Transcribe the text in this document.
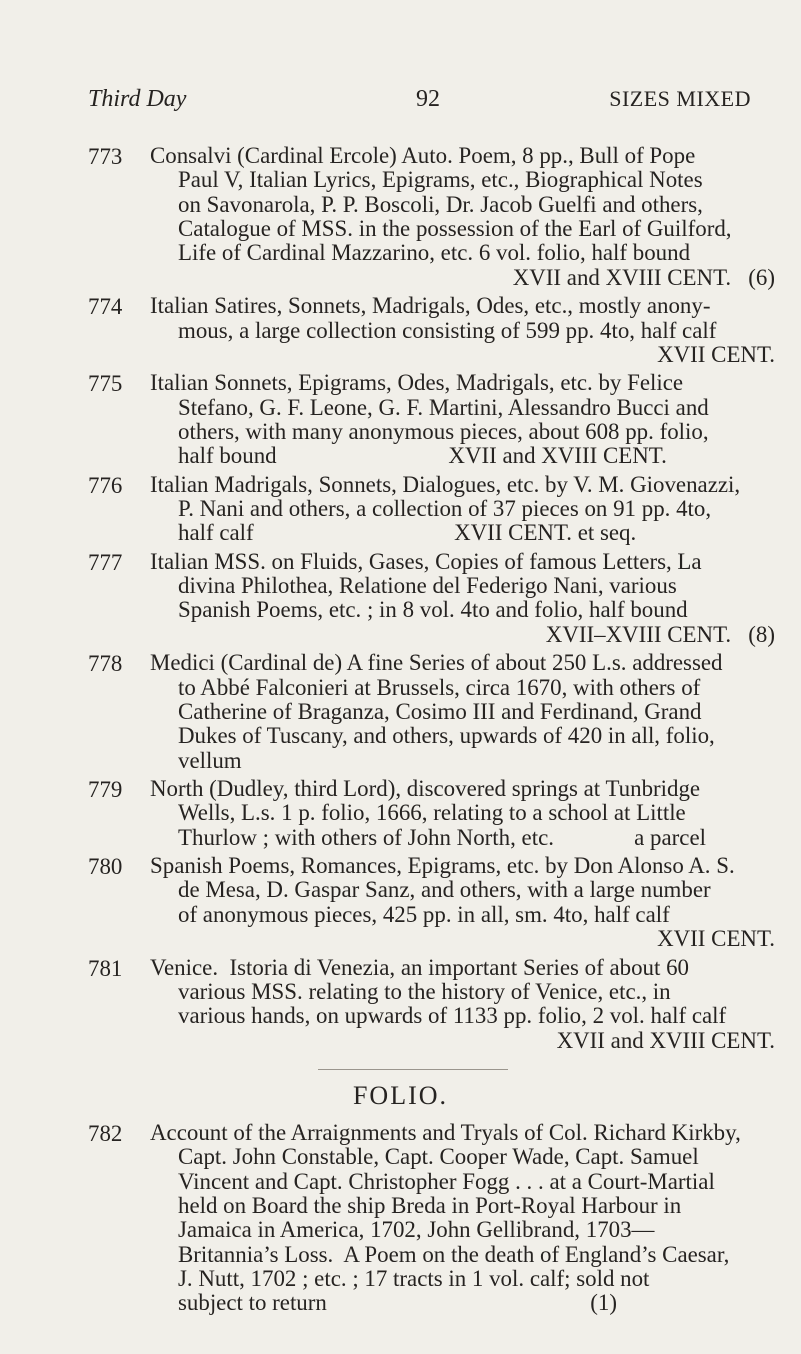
Third Day	92	SIZES MIXED
773 Consalvi (Cardinal Ercole) Auto. Poem, 8 pp., Bull of Pope
Paul V, Italian Lyrics, Epigrams, etc., Biographical Notes
on Savonarola, P. P. Boscoli, Dr. Jacob Guelfi and others,
Catalogue of MSS. in the possession of the Earl of Guilford,
Life of Cardinal Mazzarino, etc. 6 vol. folio, half bound
XVII and XVIII CENT.   (6)
774 Italian Satires, Sonnets, Madrigals, Odes, etc., mostly anony-
mous, a large collection consisting of 599 pp. 4to, half calf
XVII CENT.
775 Italian Sonnets, Epigrams, Odes, Madrigals, etc. by Felice
Stefano, G. F. Leone, G. F. Martini, Alessandro Bucci and
others, with many anonymous pieces, about 608 pp. folio,
half bound                              XVII and XVIII CENT.
776 Italian Madrigals, Sonnets, Dialogues, etc. by V. M. Giovenazzi,
P. Nani and others, a collection of 37 pieces on 91 pp. 4to,
half calf                                   XVII CENT. et seq.
777 Italian MSS. on Fluids, Gases, Copies of famous Letters, La
divina Philothea, Relatione del Federigo Nani, various
Spanish Poems, etc. ; in 8 vol. 4to and folio, half bound
XVII–XVIII CENT.   (8)
778 Medici (Cardinal de) A fine Series of about 250 L.s. addressed
to Abbé Falconieri at Brussels, circa 1670, with others of
Catherine of Braganza, Cosimo III and Ferdinand, Grand
Dukes of Tuscany, and others, upwards of 420 in all, folio,
vellum
779 North (Dudley, third Lord), discovered springs at Tunbridge
Wells, L.s. 1 p. folio, 1666, relating to a school at Little
Thurlow ; with others of John North, etc.              a parcel
780 Spanish Poems, Romances, Epigrams, etc. by Don Alonso A. S.
de Mesa, D. Gaspar Sanz, and others, with a large number
of anonymous pieces, 425 pp. in all, sm. 4to, half calf
XVII CENT.
781 Venice.  Istoria di Venezia, an important Series of about 60
various MSS. relating to the history of Venice, etc., in
various hands, on upwards of 1133 pp. folio, 2 vol. half calf
XVII and XVIII CENT.
782 Account of the Arraignments and Tryals of Col. Richard Kirkby,
Capt. John Constable, Capt. Cooper Wade, Capt. Samuel
Vincent and Capt. Christopher Fogg . . . at a Court-Martial
held on Board the ship Breda in Port-Royal Harbour in
Jamaica in America, 1702, John Gellibrand, 1703—
Britannia’s Loss.  A Poem on the death of England’s Caesar,
J. Nutt, 1702 ; etc. ; 17 tracts in 1 vol. calf; sold not
subject to return                                              (1)
FOLIO.
